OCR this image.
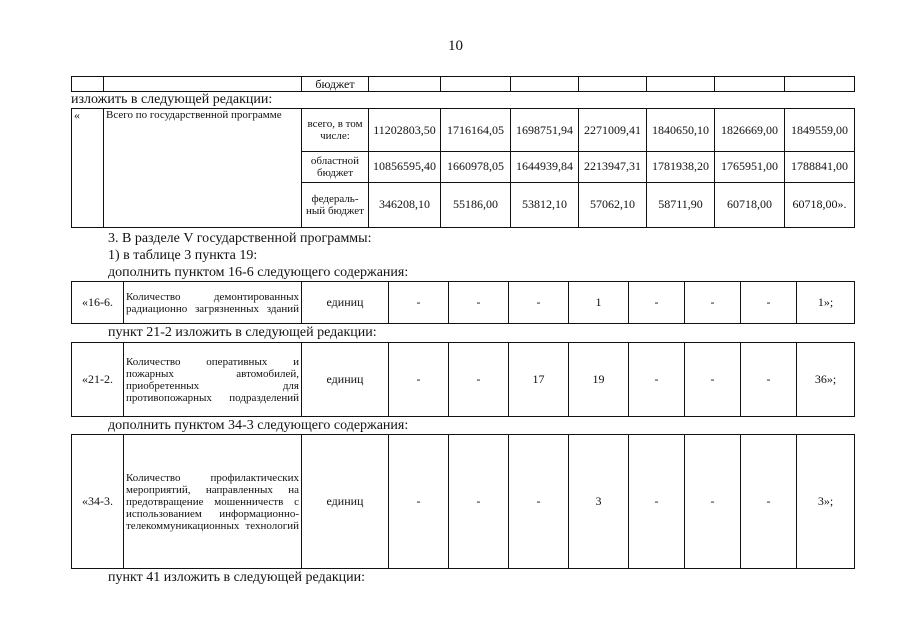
10
		бюджет							
изложить в следующей редакции:
«	Всего по государственной программе	всего, в том числе:	11202803,50	1716164,05	1698751,94	2271009,41	1840650,10	1826669,00	1849559,00
		областной бюджет	10856595,40	1660978,05	1644939,84	2213947,31	1781938,20	1765951,00	1788841,00
		федераль-ный бюджет	346208,10	55186,00	53812,10	57062,10	58711,90	60718,00	60718,00».
3. В разделе V государственной программы:
1) в таблице 3 пункта 19:
дополнить пунктом 16-6 следующего содержания:
«16-6.	Количество демонтированных радиационно загрязненных зданий	единиц	-	-	-	1	-	-	-	1»;
пункт 21-2 изложить в следующей редакции:
«21-2.	Количество оперативных и пожарных автомобилей, приобретенных для противопожарных подразделений	единиц	-	-	17	19	-	-	-	36»;
дополнить пунктом 34-3 следующего содержания:
«34-3.	Количество профилактических мероприятий, направленных на предотвращение мошенничеств с использованием информационно-телекоммуникационных технологий	единиц	-	-	-	3	-	-	-	3»;
пункт 41 изложить в следующей редакции:
